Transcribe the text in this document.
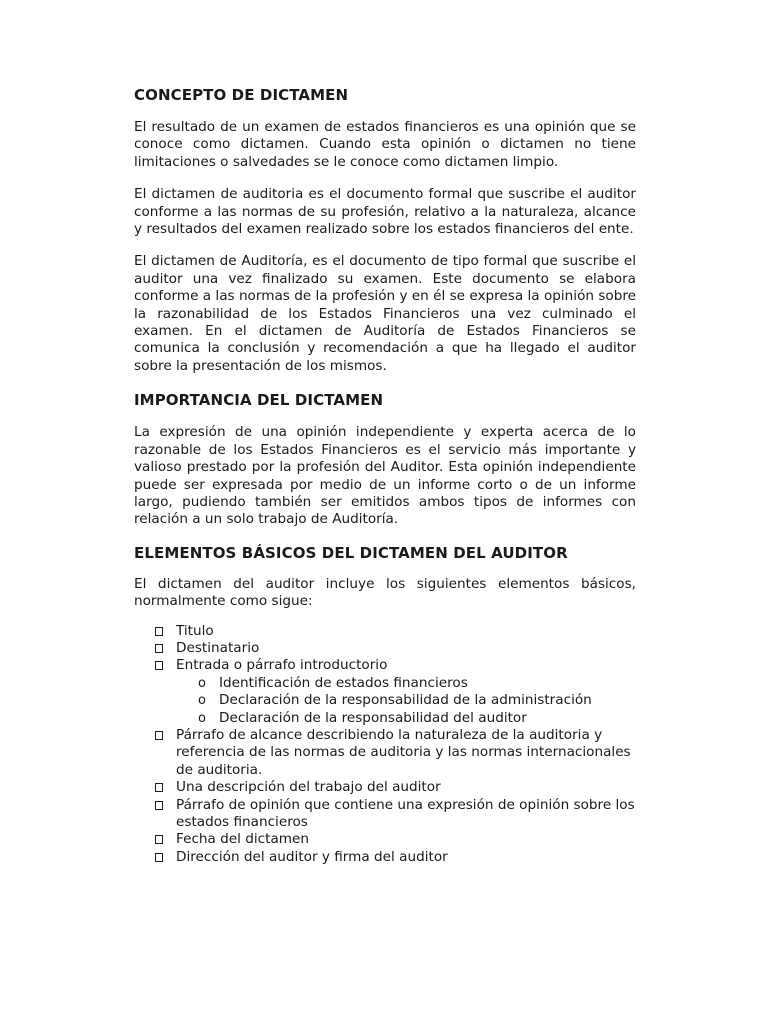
CONCEPTO DE DICTAMEN

El resultado de un examen de estados financieros es una opinión que se conoce como dictamen. Cuando esta opinión o dictamen no tiene limitaciones o salvedades se le conoce como dictamen limpio.

El dictamen de auditoria es el documento formal que suscribe el auditor conforme a las normas de su profesión, relativo a la naturaleza, alcance y resultados del examen realizado sobre los estados financieros del ente.

El dictamen de Auditoría, es el documento de tipo formal que suscribe el auditor una vez finalizado su examen. Este documento se elabora conforme a las normas de la profesión y en él se expresa la opinión sobre la razonabilidad de los Estados Financieros una vez culminado el examen. En el dictamen de Auditoría de Estados Financieros se comunica la conclusión y recomendación a que ha llegado el auditor sobre la presentación de los mismos.

IMPORTANCIA DEL DICTAMEN

La expresión de una opinión independiente y experta acerca de lo razonable de los Estados Financieros es el servicio más importante y valioso prestado por la profesión del Auditor. Esta opinión independiente puede ser expresada por medio de un informe corto o de un informe largo, pudiendo también ser emitidos ambos tipos de informes con relación a un solo trabajo de Auditoría.

ELEMENTOS BÁSICOS DEL DICTAMEN DEL AUDITOR

El dictamen del auditor incluye los siguientes elementos básicos, normalmente como sigue:

Titulo
Destinatario
Entrada o párrafo introductorio
o Identificación de estados financieros
o Declaración de la responsabilidad de la administración
o Declaración de la responsabilidad del auditor
Párrafo de alcance describiendo la naturaleza de la auditoria y referencia de las normas de auditoria y las normas internacionales de auditoria.
Una descripción del trabajo del auditor
Párrafo de opinión que contiene una expresión de opinión sobre los estados financieros
Fecha del dictamen
Dirección del auditor y firma del auditor
